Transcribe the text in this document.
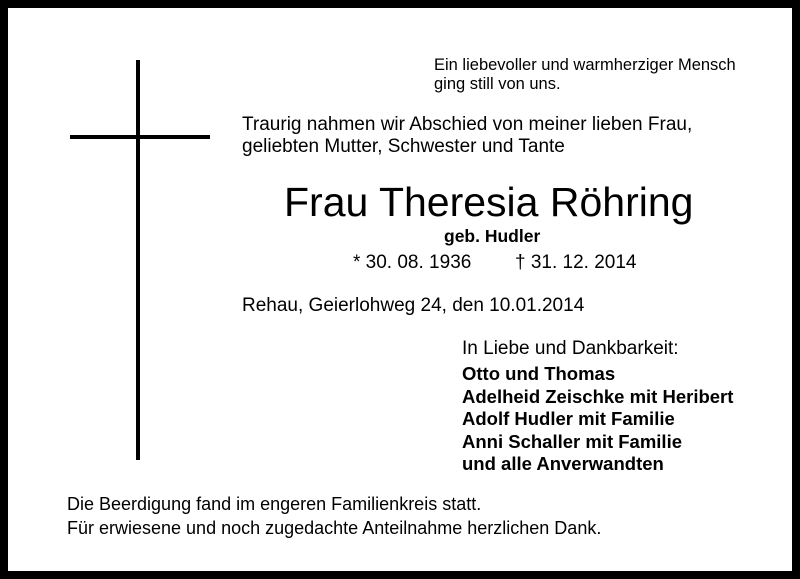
Ein liebevoller und warmherziger Mensch
ging still von uns.
Traurig nahmen wir Abschied von meiner lieben Frau,
geliebten Mutter, Schwester und Tante
Frau Theresia Röhring
geb. Hudler
* 30. 08. 1936 † 31. 12. 2014
Rehau, Geierlohweg 24, den 10.01.2014
In Liebe und Dankbarkeit:
Otto und Thomas
Adelheid Zeischke mit Heribert
Adolf Hudler mit Familie
Anni Schaller mit Familie
und alle Anverwandten
Die Beerdigung fand im engeren Familienkreis statt.
Für erwiesene und noch zugedachte Anteilnahme herzlichen Dank.
